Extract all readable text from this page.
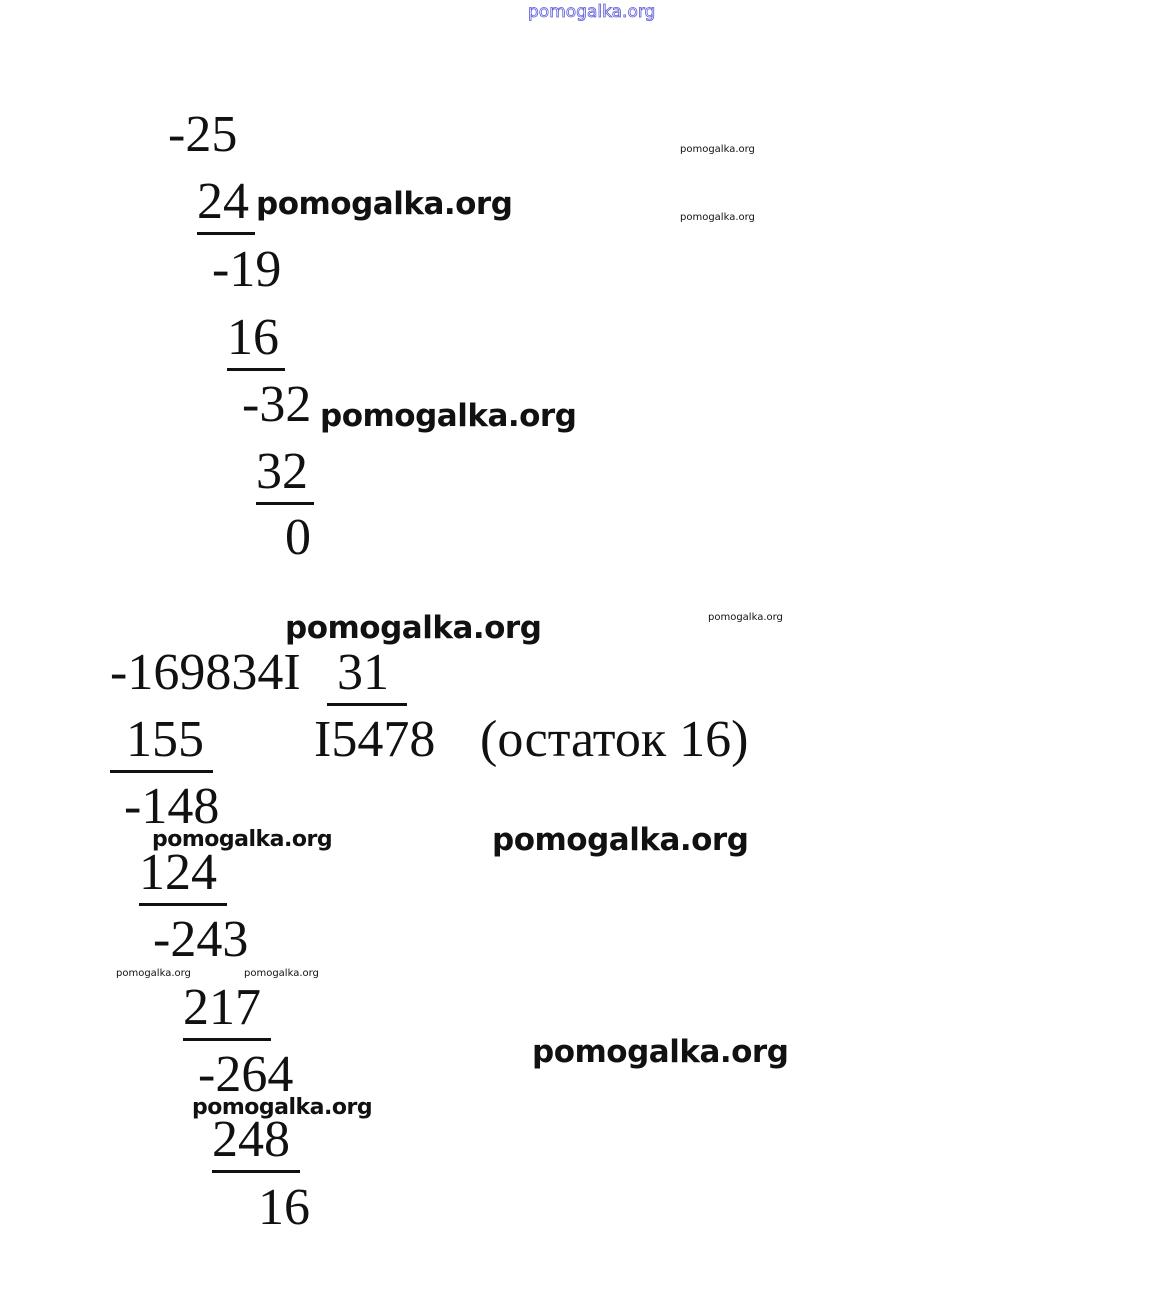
pomogalka.org
-25
24
-19
16
-32
32
0
-169834I 31
155 I5478 (остаток 16)
-148
124
-243
217
-264
248
16
pomogalka.org
pomogalka.org
pomogalka.org
pomogalka.org
pomogalka.org
pomogalka.org
pomogalka.org
pomogalka.org
pomogalka.org
pomogalka.org
pomogalka.org	pomogalka.org
